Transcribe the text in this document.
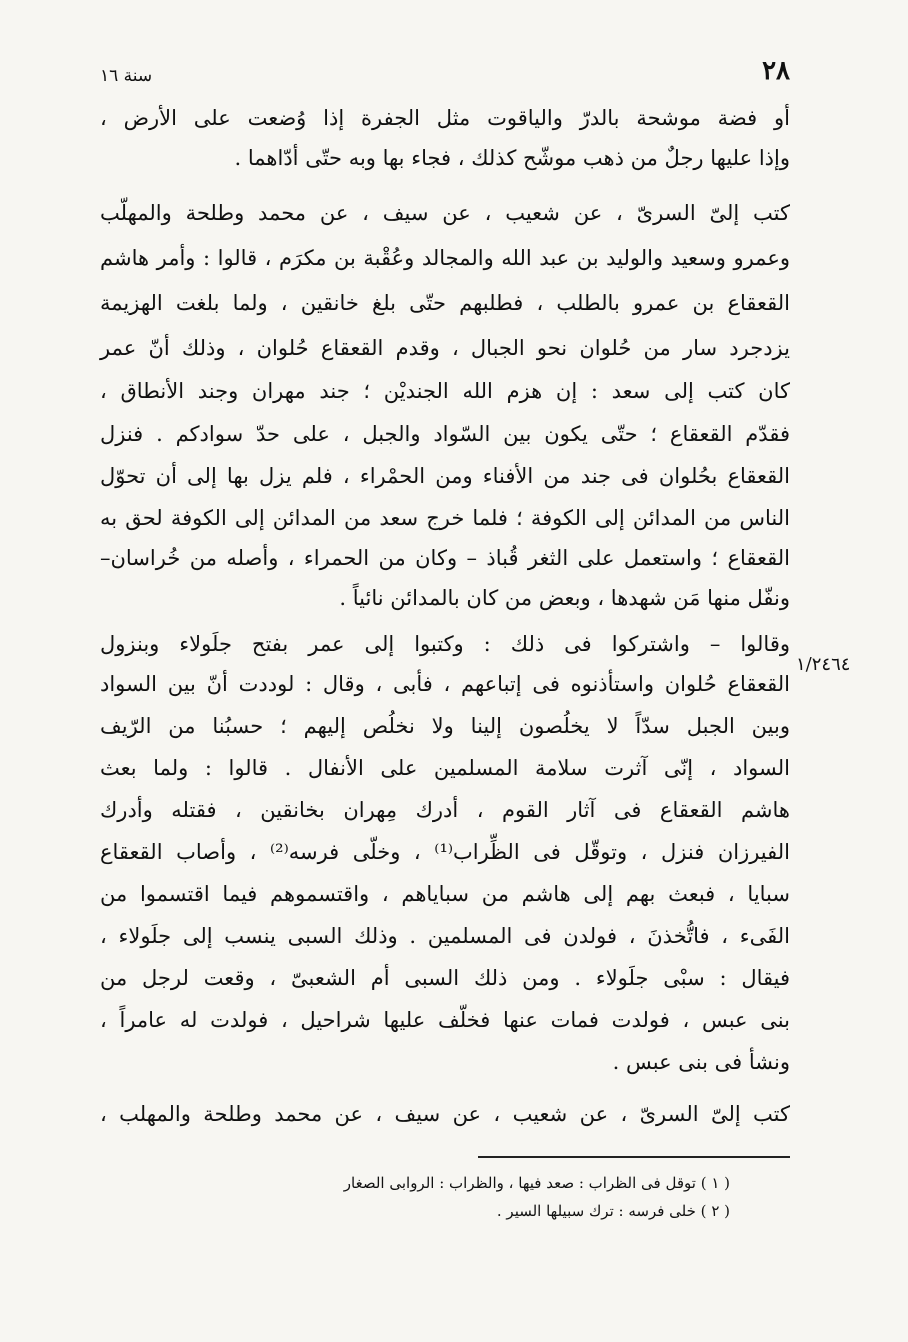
سنة ١٦	٢٨
١/٢٤٦٤
أو فضة موشحة بالدرّ والياقوت مثل الجفرة إذا وُضعت على الأرض ،
وإذا عليها رجلٌ من ذهب موشّح كذلك ، فجاء بها وبه حتّى أدّاهما .
كتب إلىّ السرىّ ، عن شعيب ، عن سيف ، عن محمد وطلحة والمهلّب
وعمرو وسعيد والوليد بن عبد الله والمجالد وعُقْبة بن مكرَم ، قالوا : وأمر هاشم
القعقاع بن عمرو بالطلب ، فطلبهم حتّى بلغ خانقين ، ولما بلغت الهزيمة
يزدجرد سار من حُلوان نحو الجبال ، وقدم القعقاع حُلوان ، وذلك أنّ عمر
كان كتب إلى سعد : إن هزم الله الجنديْن ؛ جند مهران وجند الأنطاق ،
فقدّم القعقاع ؛ حتّى يكون بين السّواد والجبل ، على حدّ سوادكم . فنزل
القعقاع بحُلوان فى جند من الأفناء ومن الحمْراء ، فلم يزل بها إلى أن تحوّل
الناس من المدائن إلى الكوفة ؛ فلما خرج سعد من المدائن إلى الكوفة لحق به
القعقاع ؛ واستعمل على الثغر قُباذ – وكان من الحمراء ، وأصله من خُراسان–
ونفّل منها مَن شهدها ، وبعض من كان بالمدائن نائياً .
وقالوا – واشتركوا فى ذلك : وكتبوا إلى عمر بفتح جلَولاء وبنزول
القعقاع حُلوان واستأذنوه فى إتباعهم ، فأبى ، وقال : لوددت أنّ بين السواد
وبين الجبل سدّاً لا يخلُصون إلينا ولا نخلُص إليهم ؛ حسبُنا من الرّيف
السواد ، إنّى آثرت سلامة المسلمين على الأنفال . قالوا : ولما بعث
هاشم القعقاع فى آثار القوم ، أدرك مِهران بخانقين ، فقتله وأدرك
الفيرزان فنزل ، وتوقّل فى الظِّراب⁽¹⁾ ، وخلّى فرسه⁽²⁾ ، وأصاب القعقاع
سبايا ، فبعث بهم إلى هاشم من سباياهم ، واقتسموهم فيما اقتسموا من
الفَىء ، فاتُّخذنَ ، فولدن فى المسلمين . وذلك السبى ينسب إلى جلَولاء ،
فيقال : سبْى جلَولاء . ومن ذلك السبى أم الشعبىّ ، وقعت لرجل من
بنى عبس ، فولدت فمات عنها فخلّف عليها شراحيل ، فولدت له عامراً ،
ونشأ فى بنى عبس .
كتب إلىّ السرىّ ، عن شعيب ، عن سيف ، عن محمد وطلحة والمهلب ،
( ١ ) توقل فى الظراب : صعد فيها ، والظراب : الروابى الصغار
( ٢ ) خلى فرسه : ترك سبيلها السير .
